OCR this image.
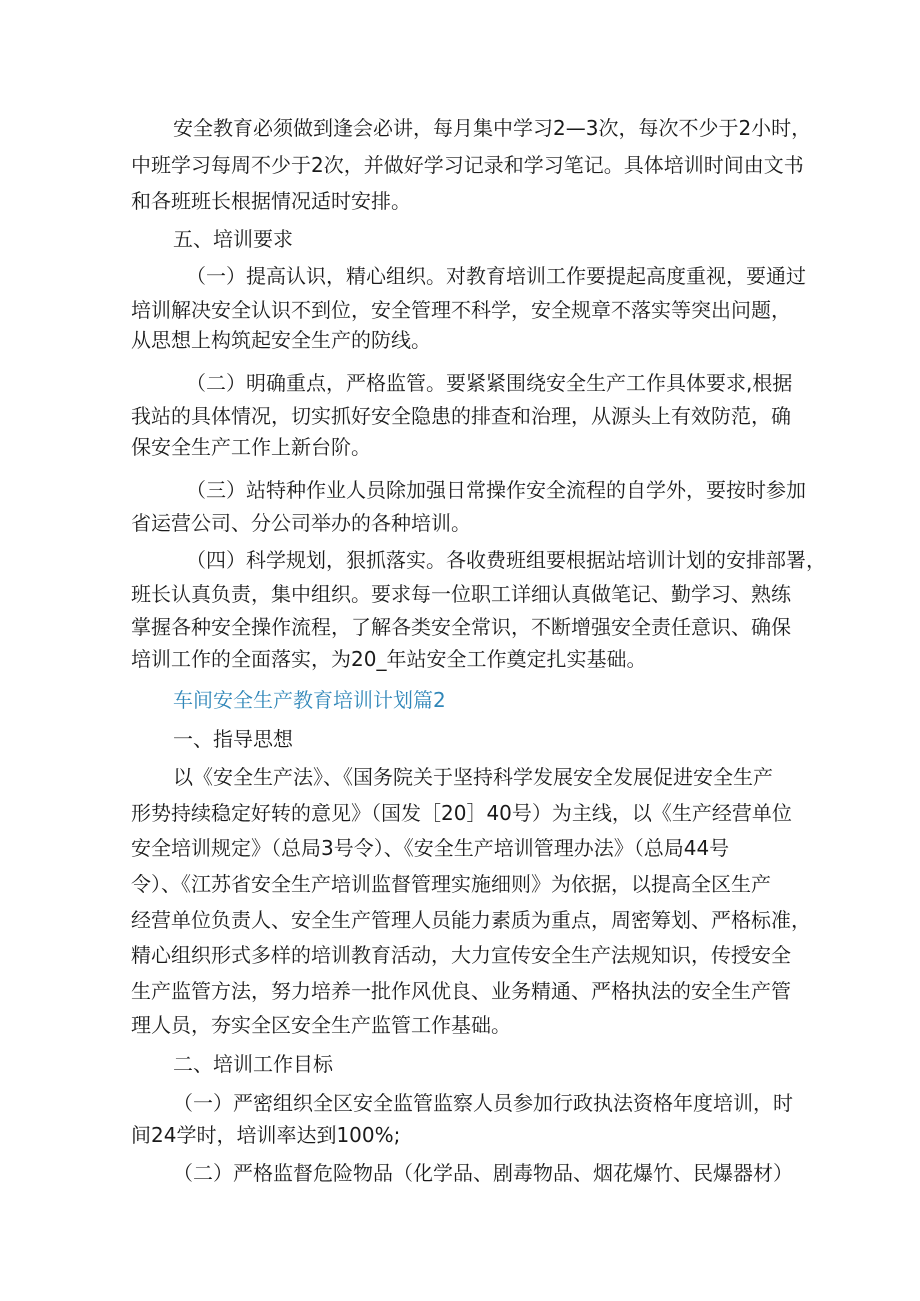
安全教育必须做到逢会必讲，每月集中学习2—3次，每次不少于2小时，
中班学习每周不少于2次，并做好学习记录和学习笔记。具体培训时间由文书
和各班班长根据情况适时安排。
五、培训要求
（一）提高认识，精心组织。对教育培训工作要提起高度重视，要通过
培训解决安全认识不到位，安全管理不科学，安全规章不落实等突出问题，
从思想上构筑起安全生产的防线。
（二）明确重点，严格监管。要紧紧围绕安全生产工作具体要求,根据
我站的具体情况，切实抓好安全隐患的排查和治理，从源头上有效防范，确
保安全生产工作上新台阶。
（三）站特种作业人员除加强日常操作安全流程的自学外，要按时参加
省运营公司、分公司举办的各种培训。
（四）科学规划，狠抓落实。各收费班组要根据站培训计划的安排部署，
班长认真负责，集中组织。要求每一位职工详细认真做笔记、勤学习、熟练
掌握各种安全操作流程，了解各类安全常识，不断增强安全责任意识、确保
培训工作的全面落实，为20_年站安全工作奠定扎实基础。
车间安全生产教育培训计划篇2
一、指导思想
以《安全生产法》、《国务院关于坚持科学发展安全发展促进安全生产
形势持续稳定好转的意见》（国发［20］40号）为主线，以《生产经营单位
安全培训规定》（总局3号令）、《安全生产培训管理办法》（总局44号
令）、《江苏省安全生产培训监督管理实施细则》为依据，以提高全区生产
经营单位负责人、安全生产管理人员能力素质为重点，周密筹划、严格标准，
精心组织形式多样的培训教育活动，大力宣传安全生产法规知识，传授安全
生产监管方法，努力培养一批作风优良、业务精通、严格执法的安全生产管
理人员，夯实全区安全生产监管工作基础。
二、培训工作目标
（一）严密组织全区安全监管监察人员参加行政执法资格年度培训，时
间24学时，培训率达到100%;
（二）严格监督危险物品（化学品、剧毒物品、烟花爆竹、民爆器材）
